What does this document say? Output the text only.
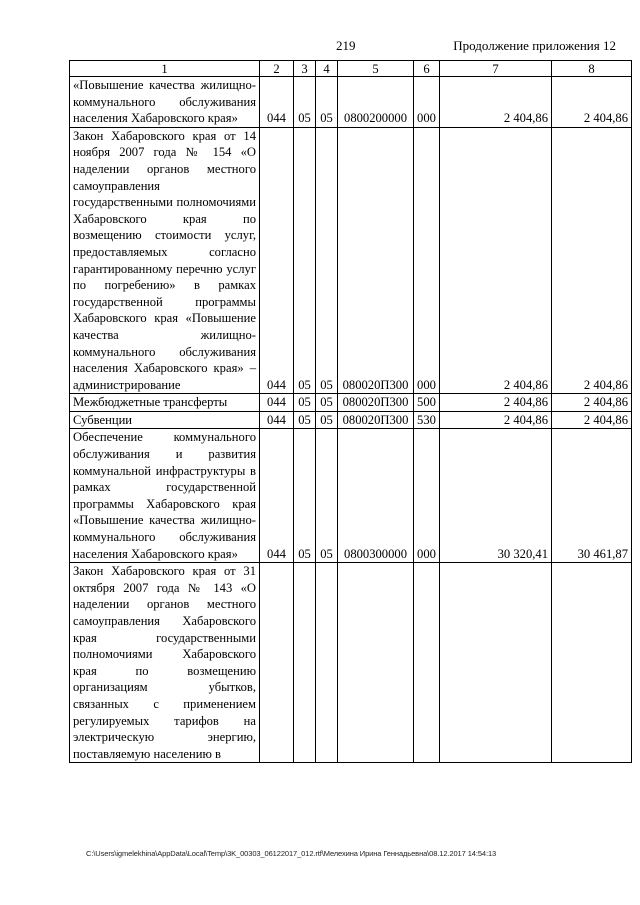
219	Продолжение приложения 12
1	2	3	4	5	6	7	8
«Повышение качества жилищно-коммунального обслуживания населения Хабаровского края»	044	05	05	0800200000	000	2 404,86	2 404,86
Закон Хабаровского края от 14 ноября 2007 года № 154 «О наделении органов местного самоуправления государственными полномочиями Хабаровского края по возмещению стоимости услуг, предоставляемых согласно гарантированному перечню услуг по погребению» в рамках государственной программы Хабаровского края «Повышение качества жилищно-коммунального обслуживания населения Хабаровского края» – администрирование	044	05	05	080020П300	000	2 404,86	2 404,86
Межбюджетные трансферты	044	05	05	080020П300	500	2 404,86	2 404,86
Субвенции	044	05	05	080020П300	530	2 404,86	2 404,86
Обеспечение коммунального обслуживания и развития коммунальной инфраструктуры в рамках государственной программы Хабаровского края «Повышение качества жилищно-коммунального обслуживания населения Хабаровского края»	044	05	05	0800300000	000	30 320,41	30 461,87
Закон Хабаровского края от 31 октября 2007 года № 143 «О наделении органов местного самоуправления Хабаровского края государственными полномочиями Хабаровского края по возмещению организациям убытков, связанных с применением регулируемых тарифов на электрическую энергию, поставляемую населению в							
C:\Users\igmelekhina\AppData\Local\Temp\3K_00303_06122017_012.rtf\Мелехина Ирина Геннадьевна\08.12.2017 14:54:13
